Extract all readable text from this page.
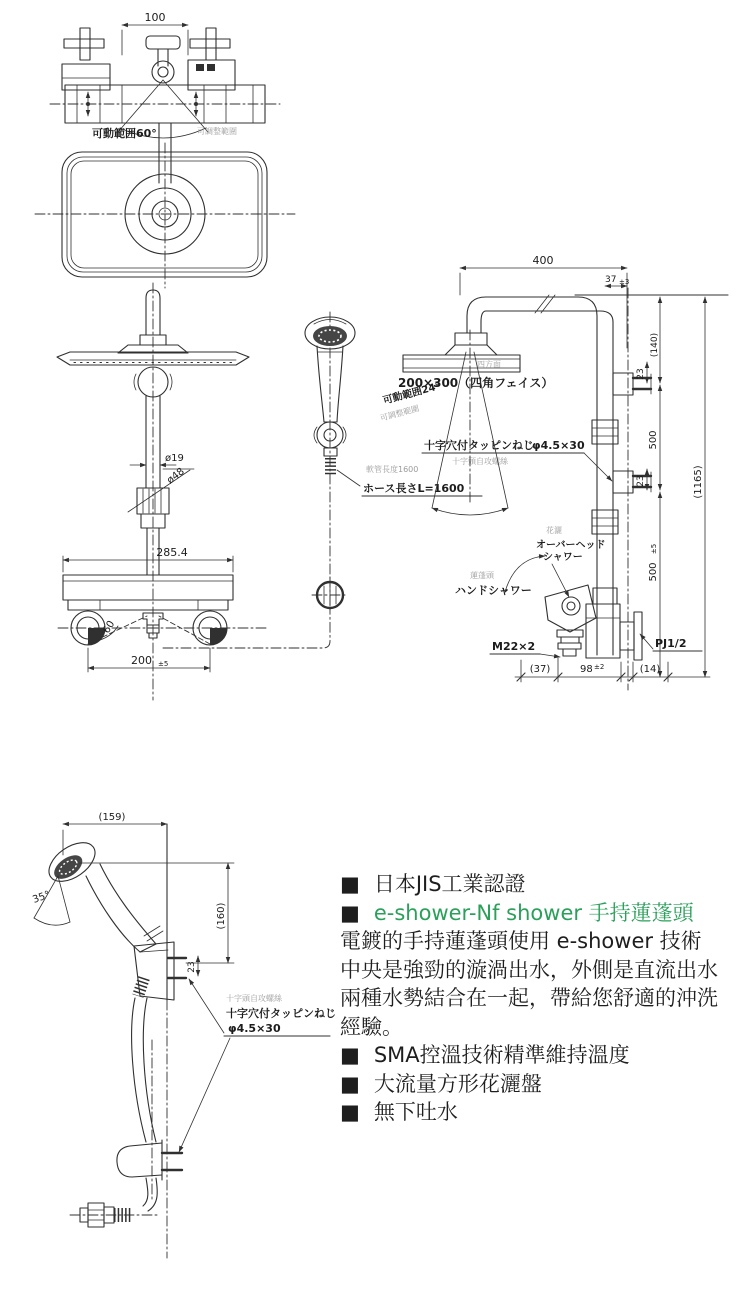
100
可動範囲60°	可調整範圍
ø19
ø48
285.4
60
200 ±5
軟管長度1600
ホース長さL=1600
十字穴付タッピンねじ
φ4.5×30
十字頭自攻螺絲
400
37 ±3
四方面
200×300（四角フェイス）
可動範囲24°
可調整範圍
(140)
23
500
23
500
±5
(1165)
花灑
オーバーヘッド
シャワー
蓮蓬頭
ハンドシャワー
M22×2	PJ1/2
(37)	98 ±2	(14)
(159)
(160)
23
35°
十字頭自攻螺絲
十字穴付タッピンねじ
φ4.5×30
■ 日本JIS工業認證
■ e-shower-Nf shower 手持蓮蓬頭
電鍍的手持蓮蓬頭使用 e-shower 技術
中央是強勁的漩渦出水，外側是直流出水
兩種水勢結合在一起，帶給您舒適的沖洗
經驗。
■ SMA控溫技術精準維持溫度
■ 大流量方形花灑盤
■ 無下吐水
